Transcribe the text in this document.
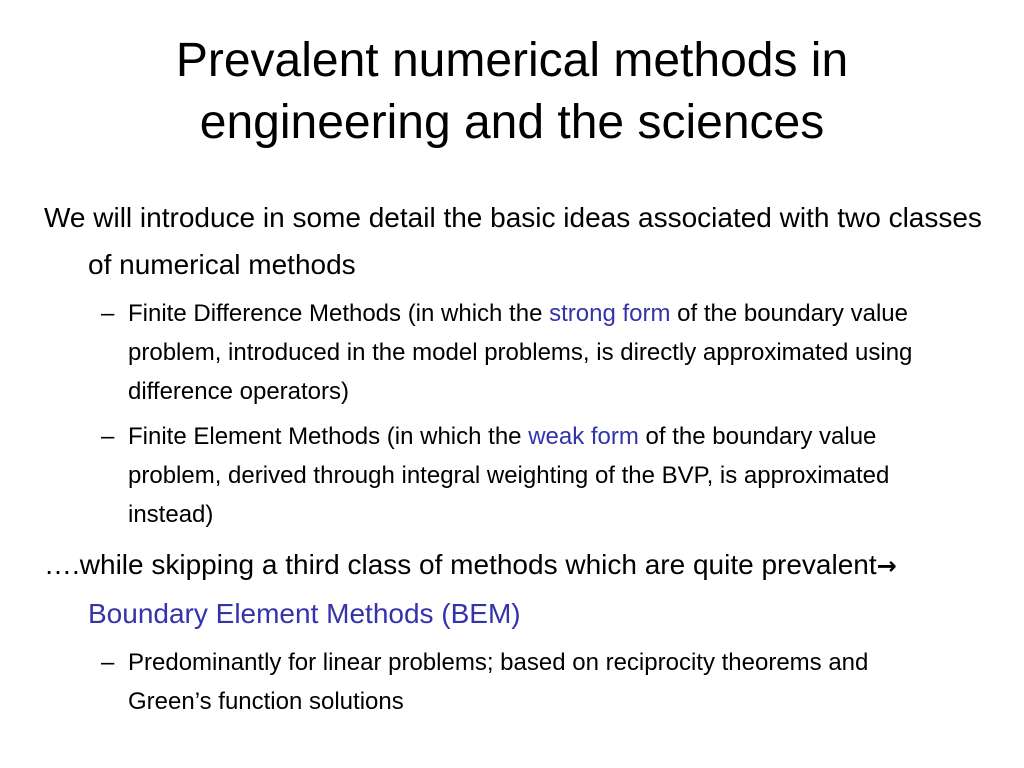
Prevalent numerical methods in engineering and the sciences

We will introduce in some detail the basic ideas associated with two classes of numerical methods

– Finite Difference Methods (in which the strong form of the boundary value problem, introduced in the model problems, is directly approximated using difference operators)

– Finite Element Methods (in which the weak form of the boundary value problem, derived through integral weighting of the BVP, is approximated instead)

….while skipping a third class of methods which are quite prevalent→ Boundary Element Methods (BEM)

– Predominantly for linear problems; based on reciprocity theorems and Green’s function solutions
